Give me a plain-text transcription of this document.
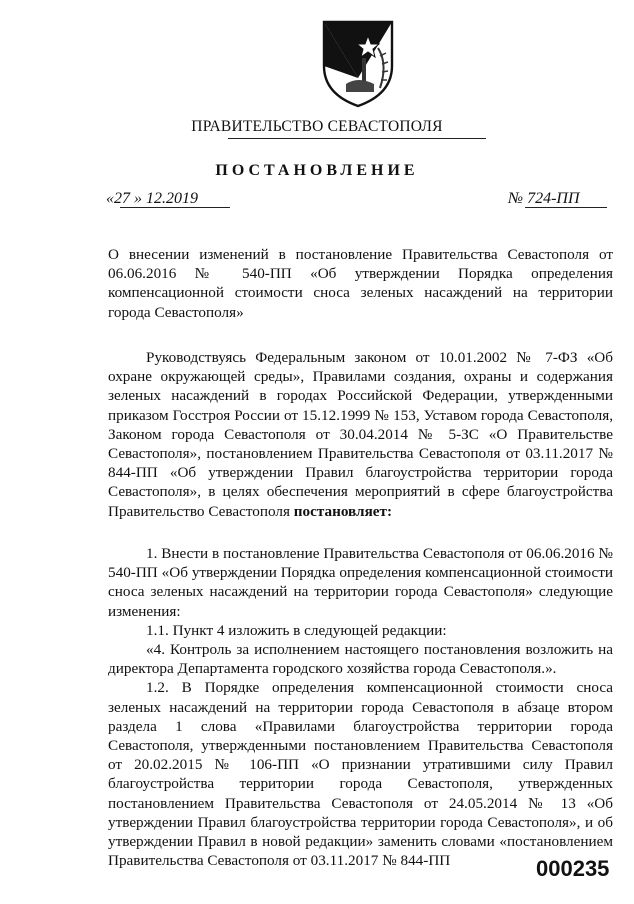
ПРАВИТЕЛЬСТВО СЕВАСТОПОЛЯ
ПОСТАНОВЛЕНИЕ
«27 » 12.2019	№ 724-ПП
О внесении изменений в постановление Правительства Севастополя от 06.06.2016 № 540-ПП «Об утверждении Порядка определения компенсационной стоимости сноса зеленых насаждений на территории города Севастополя»
Руководствуясь Федеральным законом от 10.01.2002 № 7-ФЗ «Об охране окружающей среды», Правилами создания, охраны и содержания зеленых насаждений в городах Российской Федерации, утвержденными приказом Госстроя России от 15.12.1999 № 153, Уставом города Севастополя, Законом города Севастополя от 30.04.2014 № 5-ЗС «О Правительстве Севастополя», постановлением Правительства Севастополя от 03.11.2017 № 844-ПП «Об утверждении Правил благоустройства территории города Севастополя», в целях обеспечения мероприятий в сфере благоустройства Правительство Севастополя постановляет:

1. Внести в постановление Правительства Севастополя от 06.06.2016 № 540-ПП «Об утверждении Порядка определения компенсационной стоимости сноса зеленых насаждений на территории города Севастополя» следующие изменения:

1.1. Пункт 4 изложить в следующей редакции:

«4. Контроль за исполнением настоящего постановления возложить на директора Департамента городского хозяйства города Севастополя.».

1.2. В Порядке определения компенсационной стоимости сноса зеленых насаждений на территории города Севастополя в абзаце втором раздела 1 слова «Правилами благоустройства территории города Севастополя, утвержденными постановлением Правительства Севастополя от 20.02.2015 № 106-ПП «О признании утратившими силу Правил благоустройства территории города Севастополя, утвержденных постановлением Правительства Севастополя от 24.05.2014 № 13 «Об утверждении Правил благоустройства территории города Севастополя», и об утверждении Правил в новой редакции» заменить словами «постановлением Правительства Севастополя от 03.11.2017 № 844-ПП	000235
